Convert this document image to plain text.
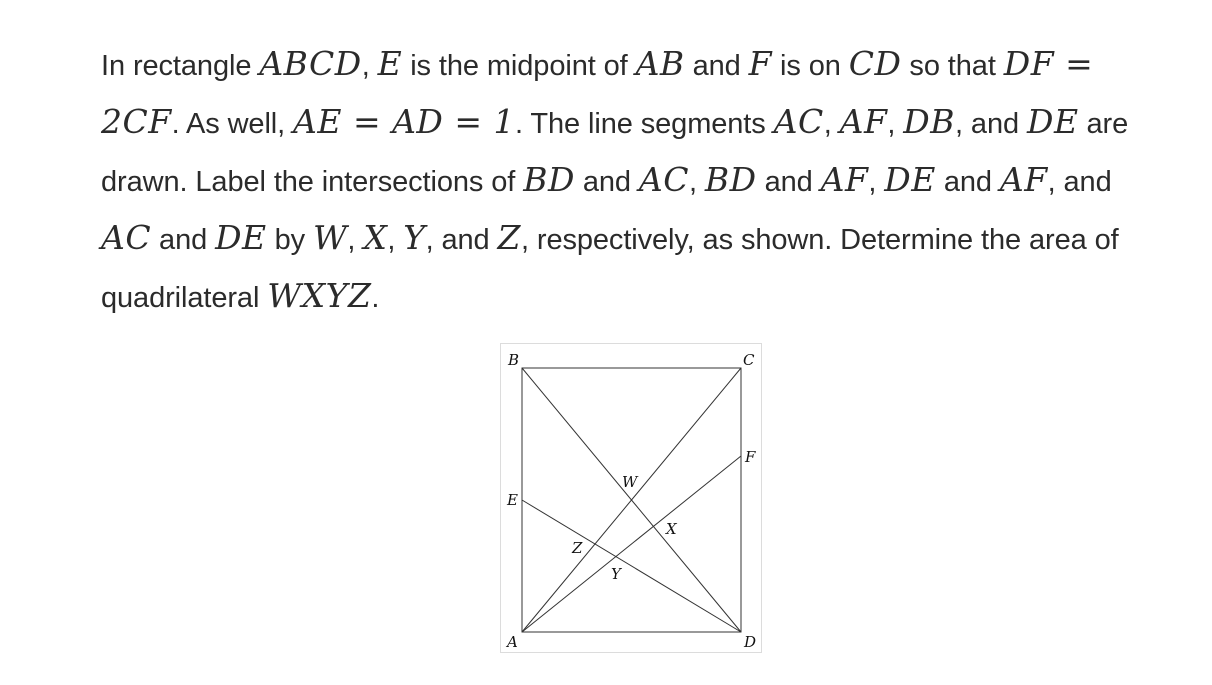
In rectangle ABCD, E is the midpoint of AB and F is on CD so that DF = 2CF. As well, AE = AD = 1. The line segments AC, AF, DB, and DE are drawn. Label the intersections of BD and AC, BD and AF, DE and AF, and AC and DE by W, X, Y, and Z, respectively, as shown. Determine the area of quadrilateral WXYZ.
B	C
E
F
W
X
Z
Y
A	D
